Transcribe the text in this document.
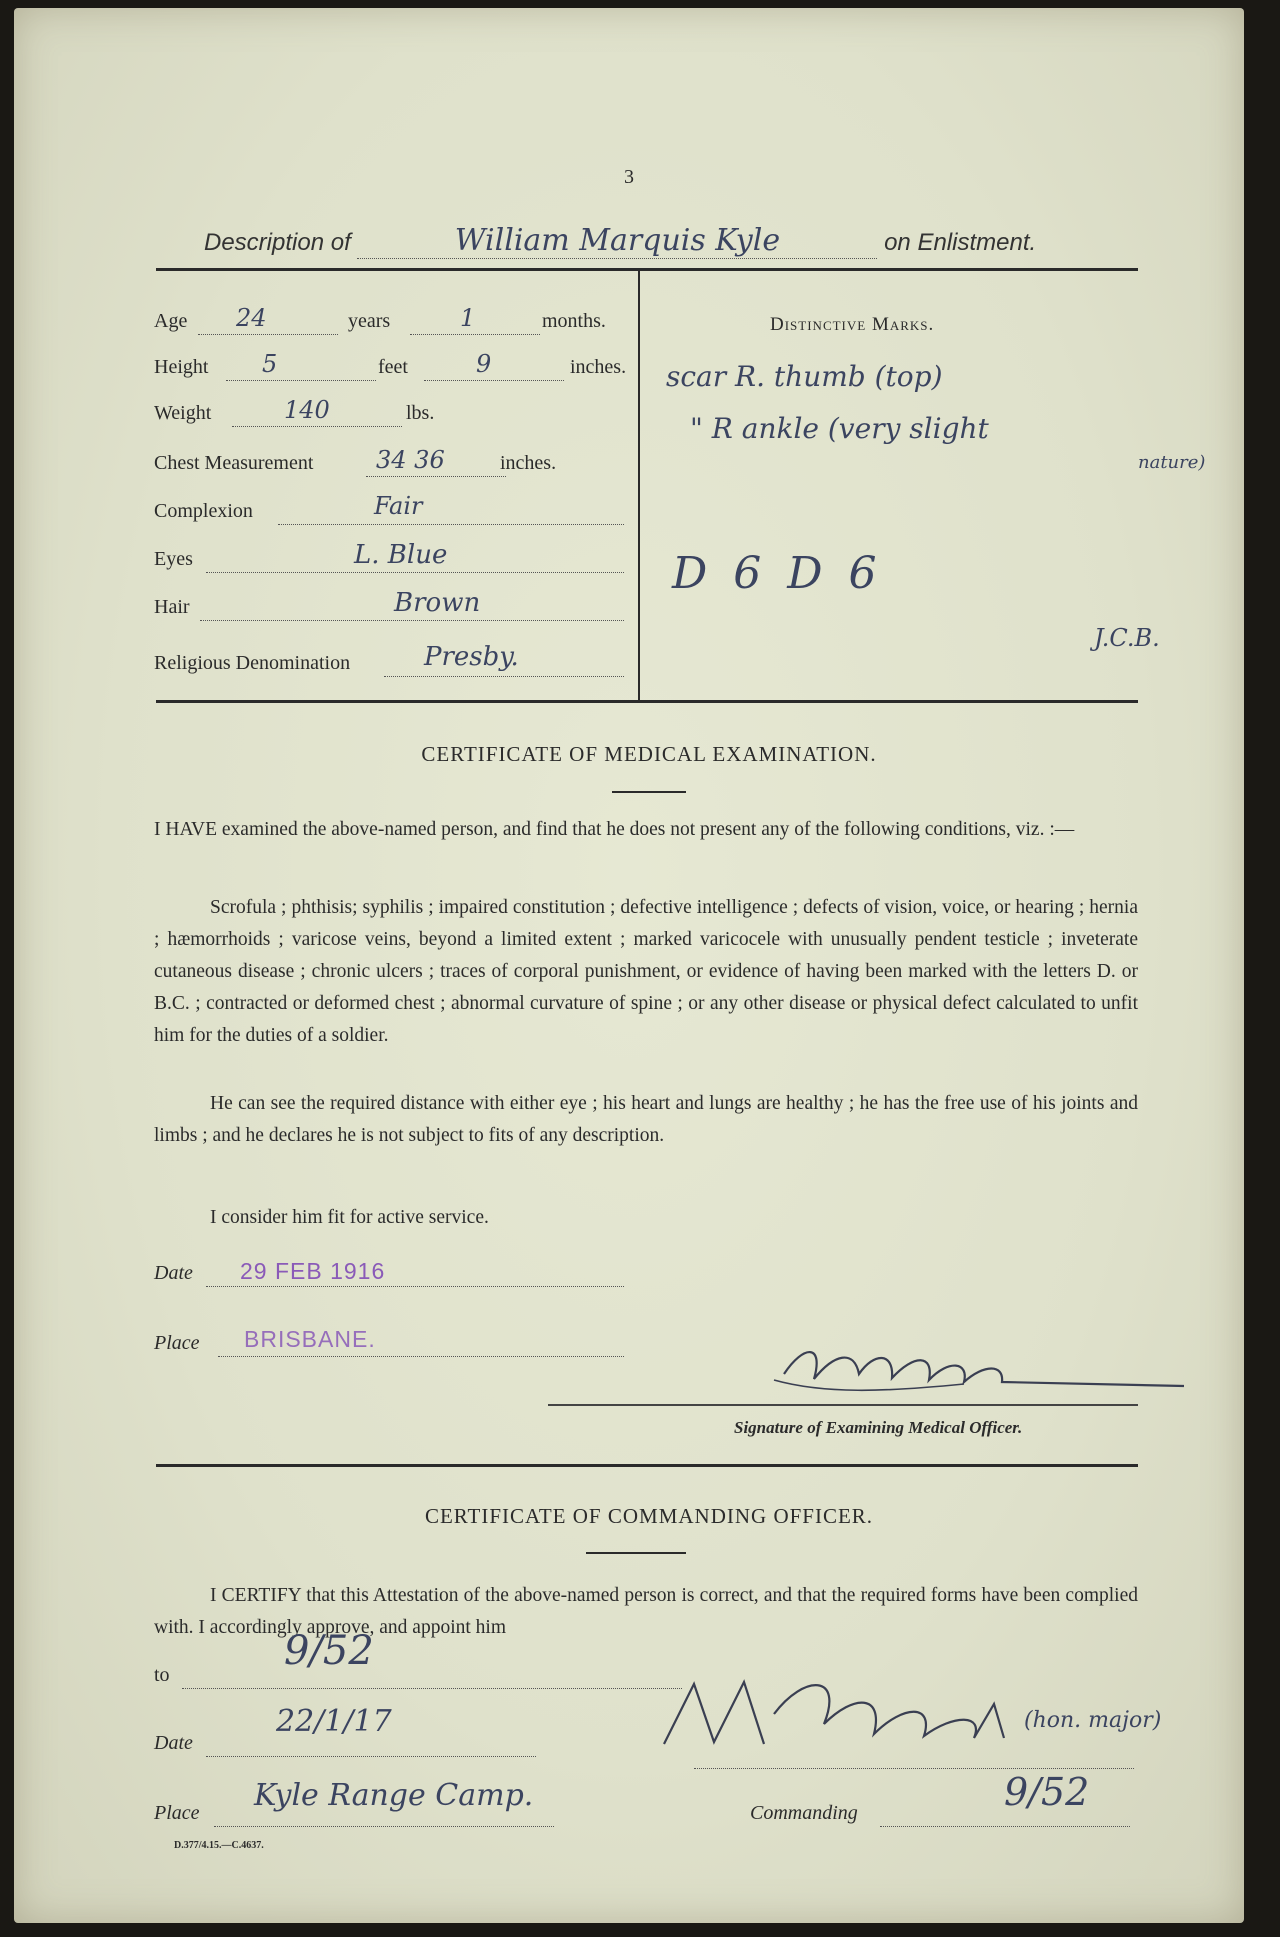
3
Description of	William Marquis Kyle	on Enlistment.
Age 24	years	1	months.
Height 5	feet	9	inches.
Weight	140	lbs.
Chest Measurement	34 36	inches.
Complexion	Fair
Eyes	L. Blue
Hair	Brown
Religious Denomination	Presby.
Distinctive Marks.
scar R. thumb (top)
" R ankle (very slight
nature)
D 6 D 6
J.C.B.
CERTIFICATE OF MEDICAL EXAMINATION.
I HAVE examined the above-named person, and find that he does not present any of the following conditions, viz. :—
Scrofula ; phthisis; syphilis ; impaired constitution ; defective intelligence ; defects of vision, voice, or hearing ; hernia ; hæmorrhoids ; varicose veins, beyond a limited extent ; marked varicocele with unusually pendent testicle ; inveterate cutaneous disease ; chronic ulcers ; traces of corporal punishment, or evidence of having been marked with the letters D. or B.C. ; contracted or deformed chest ; abnormal curvature of spine ; or any other disease or physical defect calculated to unfit him for the duties of a soldier.
He can see the required distance with either eye ; his heart and lungs are healthy ; he has the free use of his joints and limbs ; and he declares he is not subject to fits of any description.
I consider him fit for active service.
Date 29 FEB 1916
Place BRISBANE.
Signature of Examining Medical Officer.
CERTIFICATE OF COMMANDING OFFICER.
I CERTIFY that this Attestation of the above-named person is correct, and that the required forms have been complied with. I accordingly approve, and appoint him
to
9/52
Date
22/1/17	(hon. major)
Place Kyle Range Camp.	Commanding	9/52
D.377/4.15.—C.4637.
